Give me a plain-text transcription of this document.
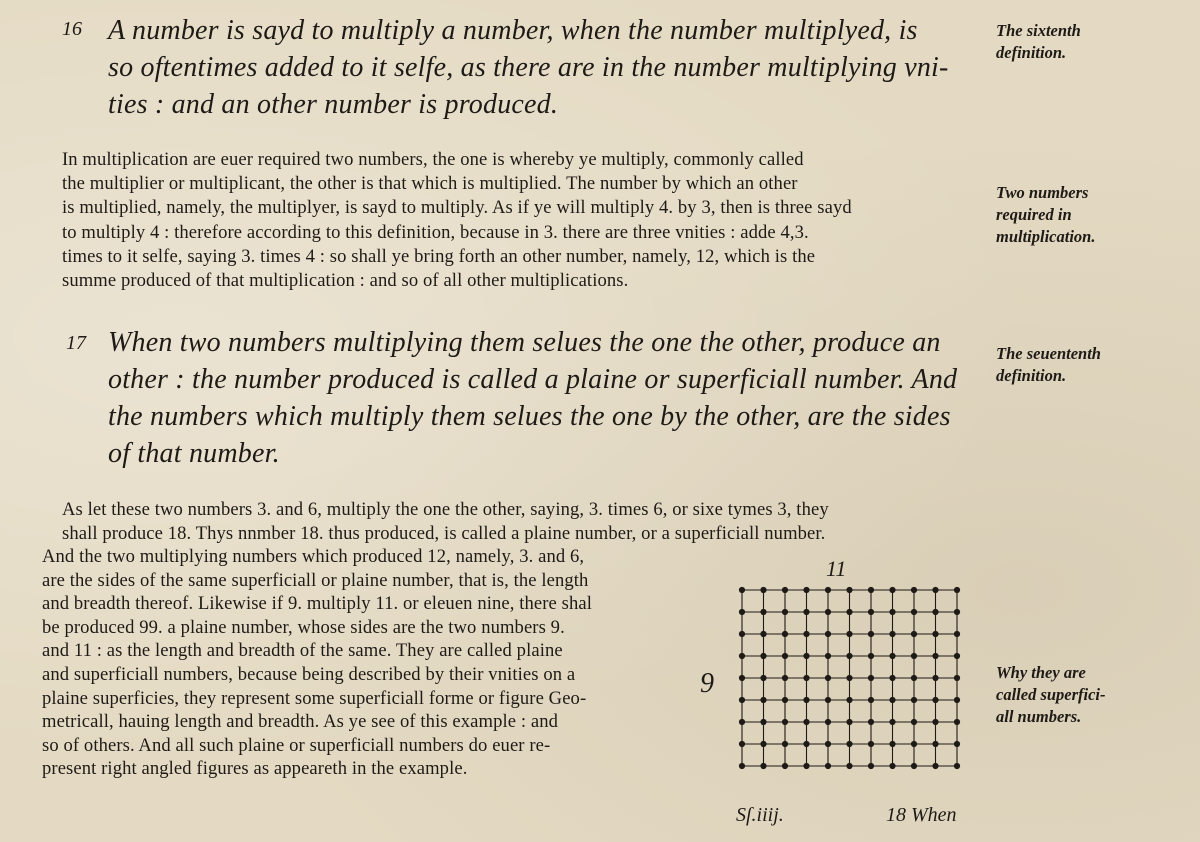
16 A number is sayd to multiply a number, when the number multiplyed, is
so oftentimes added to it selfe, as there are in the number multiplying vni-
ties : and an other number is produced.
In multiplication are euer required two numbers, the one is whereby ye multiply, commonly called
the multiplier or multiplicant, the other is that which is multiplied. The number by which an other
is multiplied, namely, the multiplyer, is sayd to multiply. As if ye will multiply 4. by 3, then is three sayd
to multiply 4 : therefore according to this definition, because in 3. there are three vnities : adde 4,3.
times to it selfe, saying 3. times 4 : so shall ye bring forth an other number, namely, 12, which is the
summe produced of that multiplication : and so of all other multiplications.
17 When two numbers multiplying them selues the one the other, produce an
other : the number produced is called a plaine or superficiall number. And
the numbers which multiply them selues the one by the other, are the sides
of that number.
As let these two numbers 3. and 6, multiply the one the other, saying, 3. times 6, or sixe tymes 3, they
shall produce 18. Thys nnmber 18. thus produced, is called a plaine number, or a superficiall number.
And the two multiplying numbers which produced 12, namely, 3. and 6,
are the sides of the same superficiall or plaine number, that is, the length
and breadth thereof. Likewise if 9. multiply 11. or eleuen nine, there shal
be produced 99. a plaine number, whose sides are the two numbers 9.
and 11 : as the length and breadth of the same. They are called plaine
and superficiall numbers, because being described by their vnities on a
plaine superficies, they represent some superficiall forme or figure Geo-
metricall, hauing length and breadth. As ye see of this example : and
so of others. And all such plaine or superficiall numbers do euer re-
present right angled figures as appeareth in the example.
11
9
The sixtenth
definition.
Two numbers
required in
multiplication.
The seuententh
definition.
Why they are
called superfici-
all numbers.
Sſ.iiij.	18 When
